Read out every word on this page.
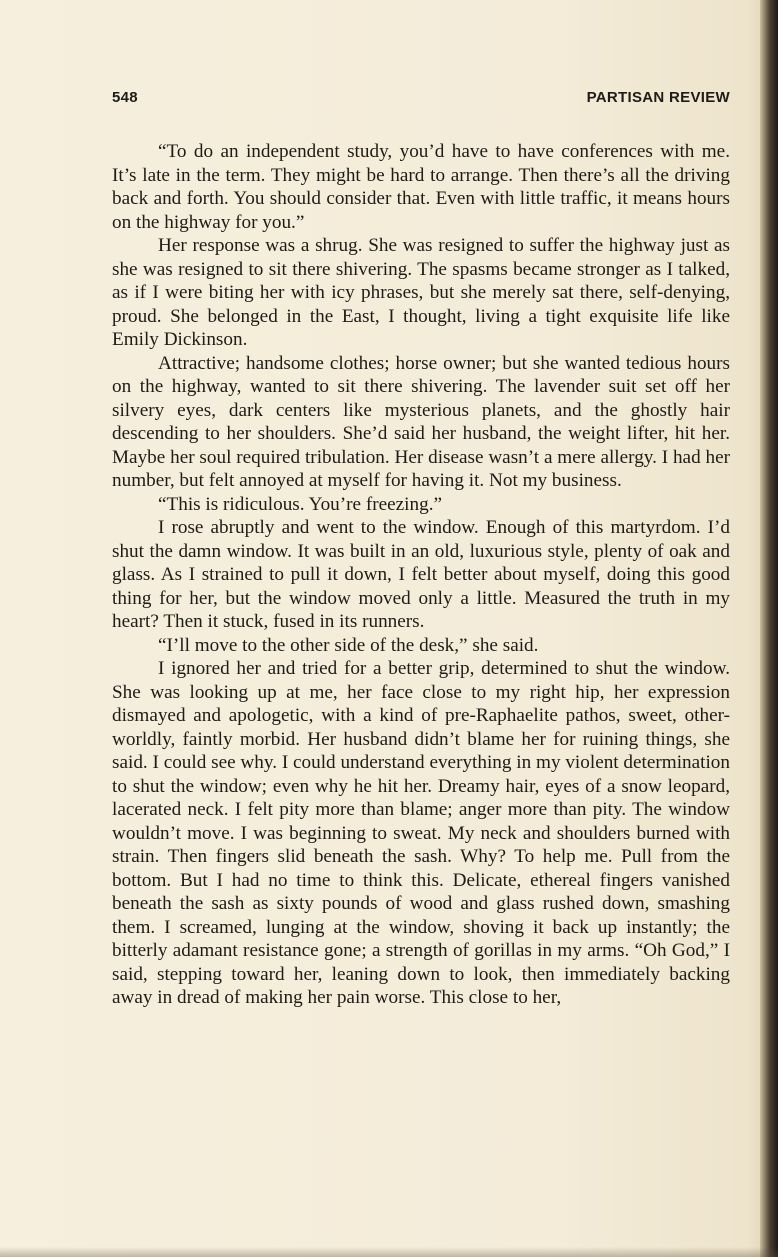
548	PARTISAN REVIEW

“To do an independent study, you’d have to have conferences with me. It’s late in the term. They might be hard to arrange. Then there’s all the driving back and forth. You should consider that. Even with little traffic, it means hours on the highway for you.”

Her response was a shrug. She was resigned to suffer the highway just as she was resigned to sit there shivering. The spasms became stronger as I talked, as if I were biting her with icy phrases, but she merely sat there, self-denying, proud. She belonged in the East, I thought, living a tight exquisite life like Emily Dickinson.

Attractive; handsome clothes; horse owner; but she wanted tedious hours on the highway, wanted to sit there shivering. The lavender suit set off her silvery eyes, dark centers like mysterious planets, and the ghostly hair descending to her shoulders. She’d said her husband, the weight lifter, hit her. Maybe her soul required tribulation. Her disease wasn’t a mere allergy. I had her number, but felt annoyed at myself for having it. Not my business.

“This is ridiculous. You’re freezing.”

I rose abruptly and went to the window. Enough of this martyrdom. I’d shut the damn window. It was built in an old, luxurious style, plenty of oak and glass. As I strained to pull it down, I felt better about myself, doing this good thing for her, but the window moved only a little. Measured the truth in my heart? Then it stuck, fused in its runners.

“I’ll move to the other side of the desk,” she said.

I ignored her and tried for a better grip, determined to shut the window. She was looking up at me, her face close to my right hip, her expression dismayed and apologetic, with a kind of pre-Raphaelite pathos, sweet, other-worldly, faintly morbid. Her husband didn’t blame her for ruining things, she said. I could see why. I could understand everything in my violent determination to shut the window; even why he hit her. Dreamy hair, eyes of a snow leopard, lacerated neck. I felt pity more than blame; anger more than pity. The window wouldn’t move. I was beginning to sweat. My neck and shoulders burned with strain. Then fingers slid beneath the sash. Why? To help me. Pull from the bottom. But I had no time to think this. Delicate, ethereal fingers vanished beneath the sash as sixty pounds of wood and glass rushed down, smashing them. I screamed, lunging at the window, shoving it back up instantly; the bitterly adamant resistance gone; a strength of gorillas in my arms. “Oh God,” I said, stepping toward her, leaning down to look, then immediately backing away in dread of making her pain worse. This close to her,
